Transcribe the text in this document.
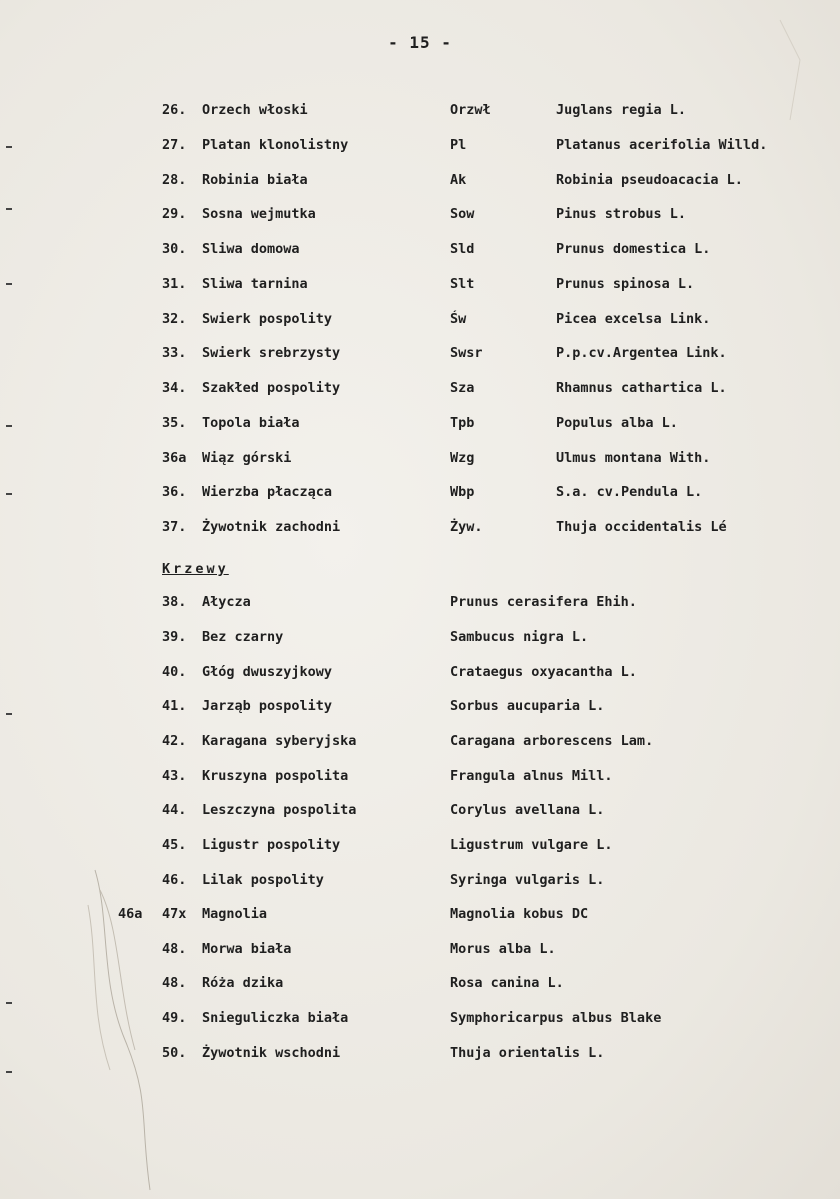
- 15 -
26. Orzech włoski	Orzwł	Juglans regia L.
27. Platan klonolistny	Pl	Platanus acerifolia Willd.
28. Robinia biała	Ak	Robinia pseudoacacia L.
29. Sosna wejmutka	Sow	Pinus strobus L.
30. Sliwa domowa	Sld	Prunus domestica L.
31. Sliwa tarnina	Slt	Prunus spinosa L.
32. Swierk pospolity	Św	Picea excelsa Link.
33. Swierk srebrzysty	Swsr	P.p.cv.Argentea Link.
34. Szakłed pospolity	Sza	Rhamnus cathartica L.
35. Topola biała	Tpb	Populus alba L.
36a Wiąz górski	Wzg	Ulmus montana With.
36. Wierzba płacząca	Wbp	S.a. cv.Pendula L.
37. Żywotnik zachodni	Żyw.	Thuja occidentalis Lé
Krzewy
38. Ałycza	Prunus cerasifera Ehih.
39. Bez czarny	Sambucus nigra L.
40. Głóg dwuszyjkowy	Crataegus oxyacantha L.
41. Jarząb pospolity	Sorbus aucuparia L.
42. Karagana syberyjska	Caragana arborescens Lam.
43. Kruszyna pospolita	Frangula alnus Mill.
44. Leszczyna pospolita	Corylus avellana L.
45. Ligustr pospolity	Ligustrum vulgare L.
46. Lilak pospolity	Syringa vulgaris L.
46a 47x Magnolia	Magnolia kobus DC
48. Morwa biała	Morus alba L.
48. Róża dzika	Rosa canina L.
49. Snieguliczka biała	Symphoricarpus albus Blake
50. Żywotnik wschodni	Thuja orientalis L.
